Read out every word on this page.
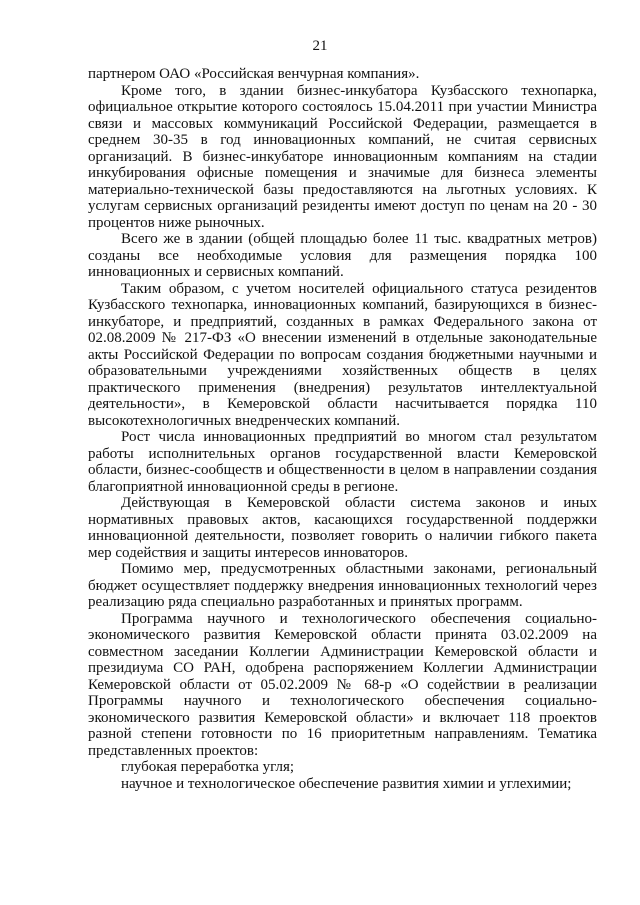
21

партнером ОАО «Российская венчурная компания».

Кроме того, в здании бизнес-инкубатора Кузбасского технопарка, официальное открытие которого состоялось 15.04.2011 при участии Министра связи и массовых коммуникаций Российской Федерации, размещается в среднем 30-35 в год инновационных компаний, не считая сервисных организаций. В бизнес-инкубаторе инновационным компаниям на стадии инкубирования офисные помещения и значимые для бизнеса элементы материально-технической базы предоставляются на льготных условиях. К услугам сервисных организаций резиденты имеют доступ по ценам на 20 - 30 процентов ниже рыночных.

Всего же в здании (общей площадью более 11 тыс. квадратных метров) созданы все необходимые условия для размещения порядка 100 инновационных и сервисных компаний.

Таким образом, с учетом носителей официального статуса резидентов Кузбасского технопарка, инновационных компаний, базирующихся в бизнес-инкубаторе, и предприятий, созданных в рамках Федерального закона от 02.08.2009 № 217-ФЗ «О внесении изменений в отдельные законодательные акты Российской Федерации по вопросам создания бюджетными научными и образовательными учреждениями хозяйственных обществ в целях практического применения (внедрения) результатов интеллектуальной деятельности», в Кемеровской области насчитывается порядка 110 высокотехнологичных внедренческих компаний.

Рост числа инновационных предприятий во многом стал результатом работы исполнительных органов государственной власти Кемеровской области, бизнес-сообществ и общественности в целом в направлении создания благоприятной инновационной среды в регионе.

Действующая в Кемеровской области система законов и иных нормативных правовых актов, касающихся государственной поддержки инновационной деятельности, позволяет говорить о наличии гибкого пакета мер содействия и защиты интересов инноваторов.

Помимо мер, предусмотренных областными законами, региональный бюджет осуществляет поддержку внедрения инновационных технологий через реализацию ряда специально разработанных и принятых программ.

Программа научного и технологического обеспечения социально-экономического развития Кемеровской области принята 03.02.2009 на совместном заседании Коллегии Администрации Кемеровской области и президиума СО РАН, одобрена распоряжением Коллегии Администрации Кемеровской области от 05.02.2009 № 68-р «О содействии в реализации Программы научного и технологического обеспечения социально-экономического развития Кемеровской области» и включает 118 проектов разной степени готовности по 16 приоритетным направлениям. Тематика представленных проектов:

глубокая переработка угля;

научное и технологическое обеспечение развития химии и углехимии;
